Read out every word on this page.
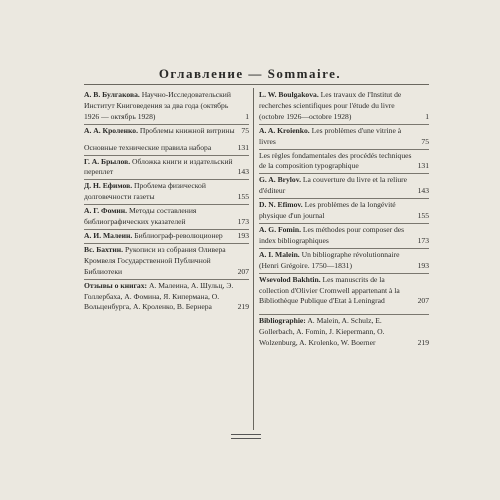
Оглавление — Sommaire.
А. В. Булгакова. Научно-Исследовательский Институт Книговедения за два года (октябрь 1926 — октябрь 1928)	1
А. А. Кроленко. Проблемы книжной витрины 75
Основные технические правила набора	131
Г. А. Брылов. Обложка книги и издательский переплет	143
Д. Н. Ефимов. Проблема физической долговечности газеты	155
А. Г. Фомин. Методы составления библиографических указателей	173
А. И. Малеин. Библиограф-революционер 193
Вс. Бахтин. Рукописи из собрания Оливера Кромвеля Государственной Публичной Библиотеки	207
Отзывы о книгах: А. Малеина, А. Шульц, Э. Голлербаха, А. Фомина, Я. Киперманa, О. Вольценбурга, А. Кроленко, В. Бернера	219
L. W. Boulgakova. Les travaux de l'Institut de recherches scientifiques pour l'étude du livre (octobre 1926—octobre 1928)	1
A. A. Kroienko. Les problèmes d'une vitrine à livres	75
Les règles fondamentales des procédés techniques de la composition typographique	131
G. A. Brylov. La couverture du livre et la reliure d'éditeur	143
D. N. Efimov. Les problèmes de la longévité physique d'un journal	155
A. G. Fomin. Les méthodes pour composer des index bibliographiques	173
A. I. Malein. Un bibliographe révolutionnaire (Henri Grégoire. 1750—1831)	193
Wsevolod Bakhtin. Les manuscrits de la collection d'Olivier Cromwell appartenant à la Bibliothèque Publique d'Etat à Leningrad	207
Bibliographie: A. Malein, A. Schulz, E. Gollerbach, A. Fomin, J. Kiepermann, O. Wolzenburg, A. Krolenko, W. Boerner	219
